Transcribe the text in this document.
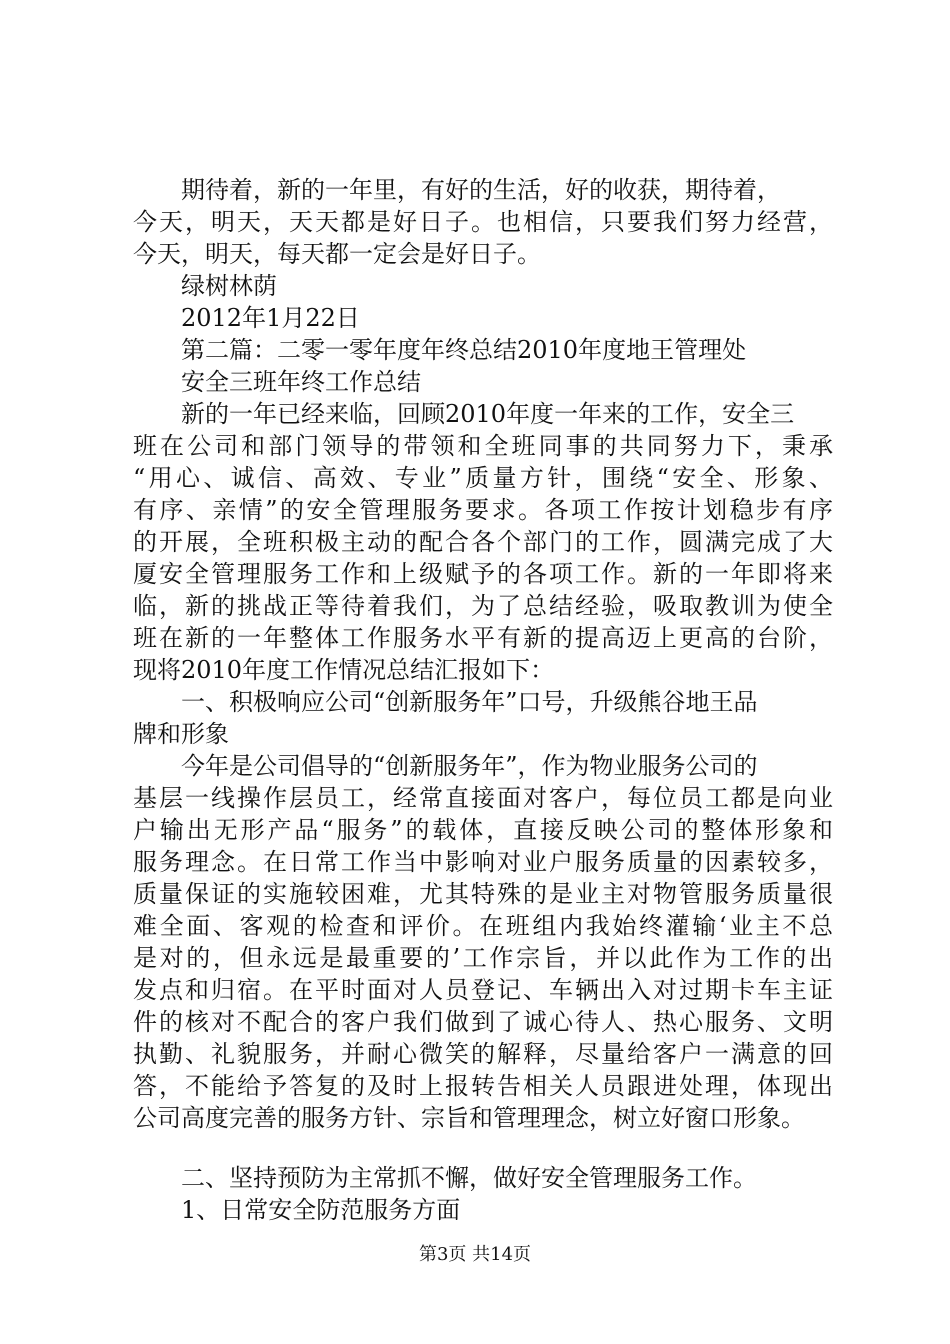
期待着，新的一年里，有好的生活，好的收获，期待着，
今天，明天，天天都是好日子。也相信，只要我们努力经营，
今天，明天，每天都一定会是好日子。
绿树林荫
2012年1月22日
第二篇：二零一零年度年终总结2010年度地王管理处
安全三班年终工作总结
新的一年已经来临，回顾2010年度一年来的工作，安全三
班在公司和部门领导的带领和全班同事的共同努力下，秉承
“用心、诚信、高效、专业”质量方针，围绕“安全、形象、
有序、亲情”的安全管理服务要求。各项工作按计划稳步有序
的开展，全班积极主动的配合各个部门的工作，圆满完成了大
厦安全管理服务工作和上级赋予的各项工作。新的一年即将来
临，新的挑战正等待着我们，为了总结经验，吸取教训为使全
班在新的一年整体工作服务水平有新的提高迈上更高的台阶，
现将2010年度工作情况总结汇报如下：
一、积极响应公司“创新服务年”口号，升级熊谷地王品
牌和形象
今年是公司倡导的“创新服务年”，作为物业服务公司的
基层一线操作层员工，经常直接面对客户，每位员工都是向业
户输出无形产品“服务”的载体，直接反映公司的整体形象和
服务理念。在日常工作当中影响对业户服务质量的因素较多，
质量保证的实施较困难，尤其特殊的是业主对物管服务质量很
难全面、客观的检查和评价。在班组内我始终灌输‘业主不总
是对的，但永远是最重要的’工作宗旨，并以此作为工作的出
发点和归宿。在平时面对人员登记、车辆出入对过期卡车主证
件的核对不配合的客户我们做到了诚心待人、热心服务、文明
执勤、礼貌服务，并耐心微笑的解释，尽量给客户一满意的回
答，不能给予答复的及时上报转告相关人员跟进处理，体现出
公司高度完善的服务方针、宗旨和管理理念，树立好窗口形象。
二、坚持预防为主常抓不懈，做好安全管理服务工作。
1、日常安全防范服务方面
第3页 共14页
